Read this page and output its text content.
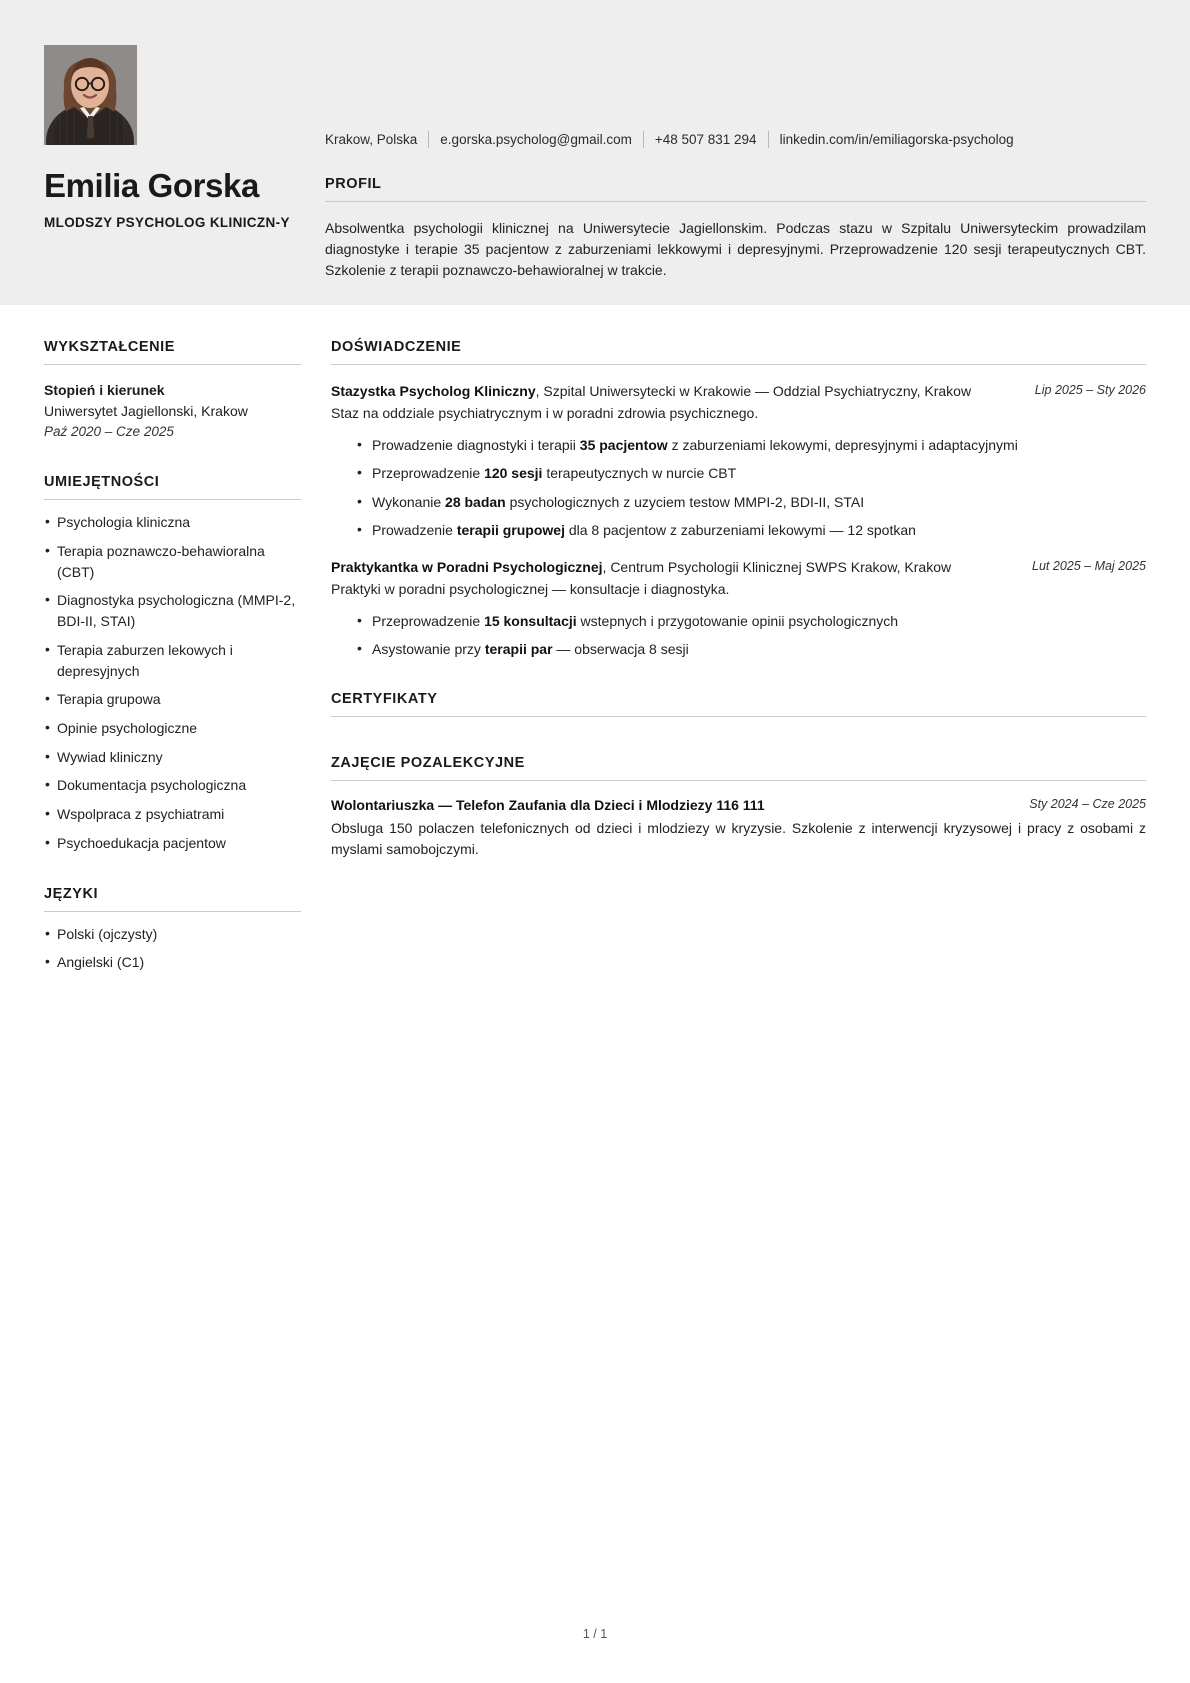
Emilia Gorska
MLODSZY PSYCHOLOG KLINICZN-Y
Krakow, Polska e.gorska.psycholog@gmail.com +48 507 831 294 linkedin.com/in/emiliagorska-psycholog
PROFIL
Absolwentka psychologii klinicznej na Uniwersytecie Jagiellonskim. Podczas stazu w Szpitalu Uniwersyteckim prowadzilam diagnostyke i terapie 35 pacjentow z zaburzeniami lekkowymi i depresyjnymi. Przeprowadzenie 120 sesji terapeutycznych CBT. Szkolenie z terapii poznawczo-behawioralnej w trakcie.
WYKSZTAŁCENIE
Stopień i kierunek
Uniwersytet Jagiellonski, Krakow
Paź 2020 – Cze 2025
UMIEJĘTNOŚCI
• Psychologia kliniczna
• Terapia poznawczo-behawioralna (CBT)
• Diagnostyka psychologiczna (MMPI-2, BDI-II, STAI)
• Terapia zaburzen lekowych i depresyjnych
• Terapia grupowa
• Opinie psychologiczne
• Wywiad kliniczny
• Dokumentacja psychologiczna
• Wspolpraca z psychiatrami
• Psychoedukacja pacjentow
JĘZYKI
• Polski (ojczysty)
• Angielski (C1)
DOŚWIADCZENIE
Stazystka Psycholog Kliniczny, Szpital Uniwersytecki w Krakowie — Oddzial Psychiatryczny, Krakow	Lip 2025 – Sty 2026
Staz na oddziale psychiatrycznym i w poradni zdrowia psychicznego.
• Prowadzenie diagnostyki i terapii 35 pacjentow z zaburzeniami lekowymi, depresyjnymi i adaptacyjnymi
• Przeprowadzenie 120 sesji terapeutycznych w nurcie CBT
• Wykonanie 28 badan psychologicznych z uzyciem testow MMPI-2, BDI-II, STAI
• Prowadzenie terapii grupowej dla 8 pacjentow z zaburzeniami lekowymi — 12 spotkan
Praktykantka w Poradni Psychologicznej, Centrum Psychologii Klinicznej SWPS Krakow, Krakow	Lut 2025 – Maj 2025
Praktyki w poradni psychologicznej — konsultacje i diagnostyka.
• Przeprowadzenie 15 konsultacji wstepnych i przygotowanie opinii psychologicznych
• Asystowanie przy terapii par — obserwacja 8 sesji
CERTYFIKATY
ZAJĘCIE POZALEKCYJNE
Wolontariuszka — Telefon Zaufania dla Dzieci i Mlodziezy 116 111	Sty 2024 – Cze 2025
Obsluga 150 polaczen telefonicznych od dzieci i mlodziezy w kryzysie. Szkolenie z interwencji kryzysowej i pracy z osobami z myslami samobojczymi.
1 / 1
